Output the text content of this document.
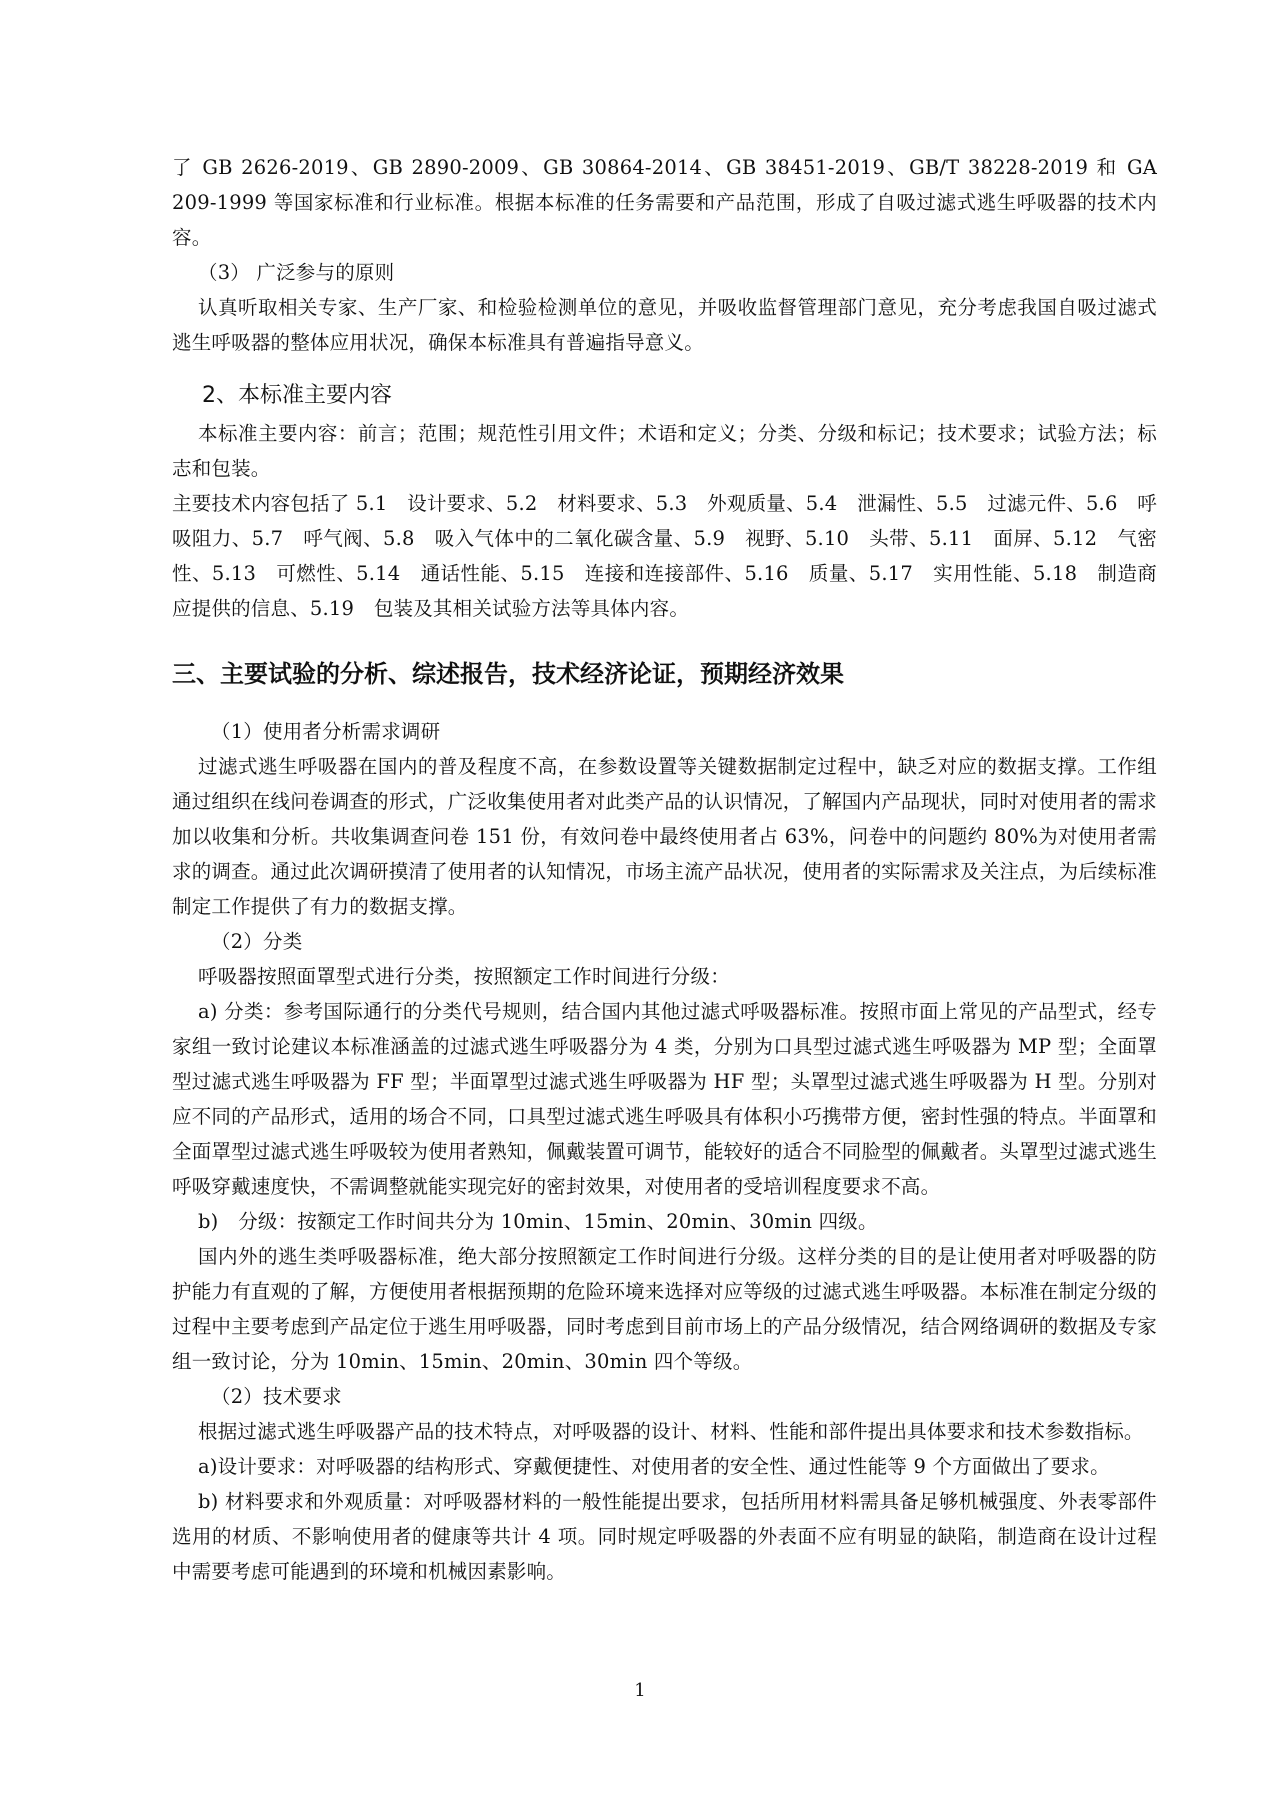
了 GB 2626-2019、GB 2890-2009、GB 30864-2014、GB 38451-2019、GB/T 38228-2019 和 GA 209-1999 等国家标准和行业标准。根据本标准的任务需要和产品范围，形成了自吸过滤式逃生呼吸器的技术内容。

（3） 广泛参与的原则

认真听取相关专家、生产厂家、和检验检测单位的意见，并吸收监督管理部门意见，充分考虑我国自吸过滤式逃生呼吸器的整体应用状况，确保本标准具有普遍指导意义。

2、本标准主要内容

本标准主要内容：前言；范围；规范性引用文件；术语和定义；分类、分级和标记；技术要求；试验方法；标志和包装。

主要技术内容包括了 5.1　设计要求、5.2　材料要求、5.3　外观质量、5.4　泄漏性、5.5　过滤元件、5.6　呼吸阻力、5.7　呼气阀、5.8　吸入气体中的二氧化碳含量、5.9　视野、5.10　头带、5.11　面屏、5.12　气密性、5.13　可燃性、5.14　通话性能、5.15　连接和连接部件、5.16　质量、5.17　实用性能、5.18　制造商应提供的信息、5.19　包装及其相关试验方法等具体内容。

三、主要试验的分析、综述报告，技术经济论证，预期经济效果

（1）使用者分析需求调研

过滤式逃生呼吸器在国内的普及程度不高，在参数设置等关键数据制定过程中，缺乏对应的数据支撑。工作组通过组织在线问卷调查的形式，广泛收集使用者对此类产品的认识情况，了解国内产品现状，同时对使用者的需求加以收集和分析。共收集调查问卷 151 份，有效问卷中最终使用者占 63%，问卷中的问题约 80%为对使用者需求的调查。通过此次调研摸清了使用者的认知情况，市场主流产品状况，使用者的实际需求及关注点，为后续标准制定工作提供了有力的数据支撑。

（2）分类

呼吸器按照面罩型式进行分类，按照额定工作时间进行分级：

a) 分类：参考国际通行的分类代号规则，结合国内其他过滤式呼吸器标准。按照市面上常见的产品型式，经专家组一致讨论建议本标准涵盖的过滤式逃生呼吸器分为 4 类，分别为口具型过滤式逃生呼吸器为 MP 型；全面罩型过滤式逃生呼吸器为 FF 型；半面罩型过滤式逃生呼吸器为 HF 型；头罩型过滤式逃生呼吸器为 H 型。分别对应不同的产品形式，适用的场合不同，口具型过滤式逃生呼吸具有体积小巧携带方便，密封性强的特点。半面罩和全面罩型过滤式逃生呼吸较为使用者熟知，佩戴装置可调节，能较好的适合不同脸型的佩戴者。头罩型过滤式逃生呼吸穿戴速度快，不需调整就能实现完好的密封效果，对使用者的受培训程度要求不高。

b)　分级：按额定工作时间共分为 10min、15min、20min、30min 四级。

国内外的逃生类呼吸器标准，绝大部分按照额定工作时间进行分级。这样分类的目的是让使用者对呼吸器的防护能力有直观的了解，方便使用者根据预期的危险环境来选择对应等级的过滤式逃生呼吸器。本标准在制定分级的过程中主要考虑到产品定位于逃生用呼吸器，同时考虑到目前市场上的产品分级情况，结合网络调研的数据及专家组一致讨论，分为 10min、15min、20min、30min 四个等级。

（2）技术要求

根据过滤式逃生呼吸器产品的技术特点，对呼吸器的设计、材料、性能和部件提出具体要求和技术参数指标。

a)设计要求：对呼吸器的结构形式、穿戴便捷性、对使用者的安全性、通过性能等 9 个方面做出了要求。

b) 材料要求和外观质量：对呼吸器材料的一般性能提出要求，包括所用材料需具备足够机械强度、外表零部件选用的材质、不影响使用者的健康等共计 4 项。同时规定呼吸器的外表面不应有明显的缺陷，制造商在设计过程中需要考虑可能遇到的环境和机械因素影响。

1
